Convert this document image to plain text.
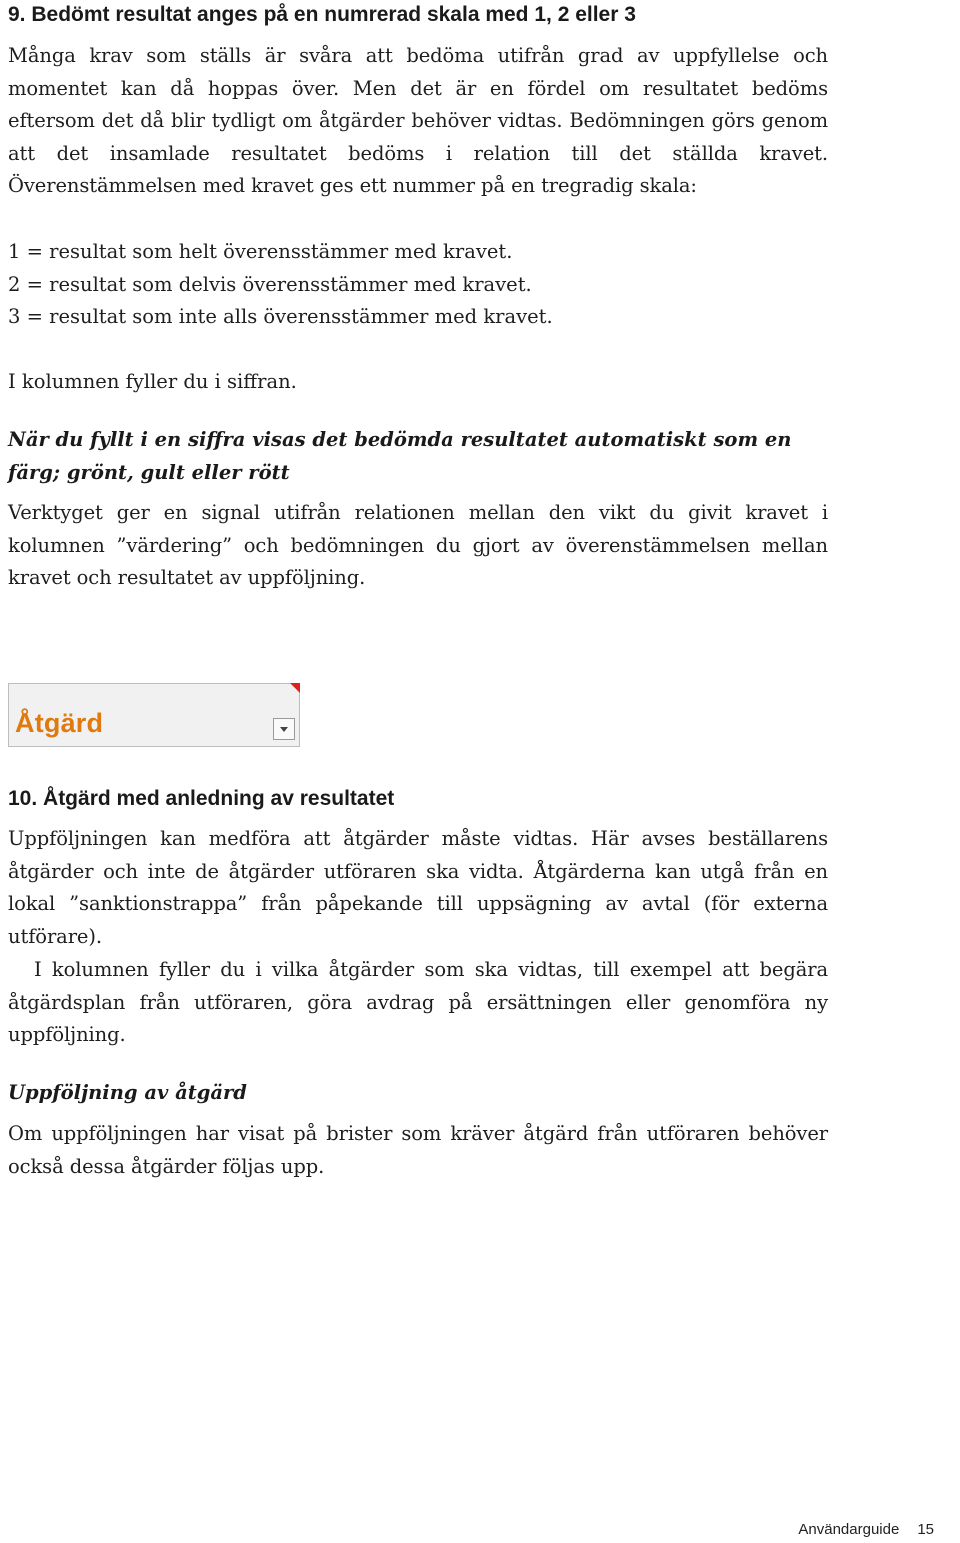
9. Bedömt resultat anges på en numrerad skala med 1, 2 eller 3

Många krav som ställs är svåra att bedöma utifrån grad av uppfyllelse och momentet kan då hoppas över. Men det är en fördel om resultatet bedöms eftersom det då blir tydligt om åtgärder behöver vidtas. Bedömningen görs genom att det insamlade resultatet bedöms i relation till det ställda kravet. Överenstämmelsen med kravet ges ett nummer på en tregradig skala:

1 = resultat som helt överensstämmer med kravet.

2 = resultat som delvis överensstämmer med kravet.

3 = resultat som inte alls överensstämmer med kravet.

I kolumnen fyller du i siffran.

När du fyllt i en siffra visas det bedömda resultatet automatiskt som en färg; grönt, gult eller rött

Verktyget ger en signal utifrån relationen mellan den vikt du givit kravet i kolumnen ”värdering” och bedömningen du gjort av överenstämmelsen mellan kravet och resultatet av uppföljning.

Åtgärd
10. Åtgärd med anledning av resultatet

Uppföljningen kan medföra att åtgärder måste vidtas. Här avses beställarens åtgärder och inte de åtgärder utföraren ska vidta. Åtgärderna kan utgå från en lokal ”sanktionstrappa” från påpekande till uppsägning av avtal (för externa utförare).

I kolumnen fyller du i vilka åtgärder som ska vidtas, till exempel att begära åtgärdsplan från utföraren, göra avdrag på ersättningen eller genomföra ny uppföljning.

Uppföljning av åtgärd

Om uppföljningen har visat på brister som kräver åtgärd från utföraren behöver också dessa åtgärder följas upp.

Användarguide 15
